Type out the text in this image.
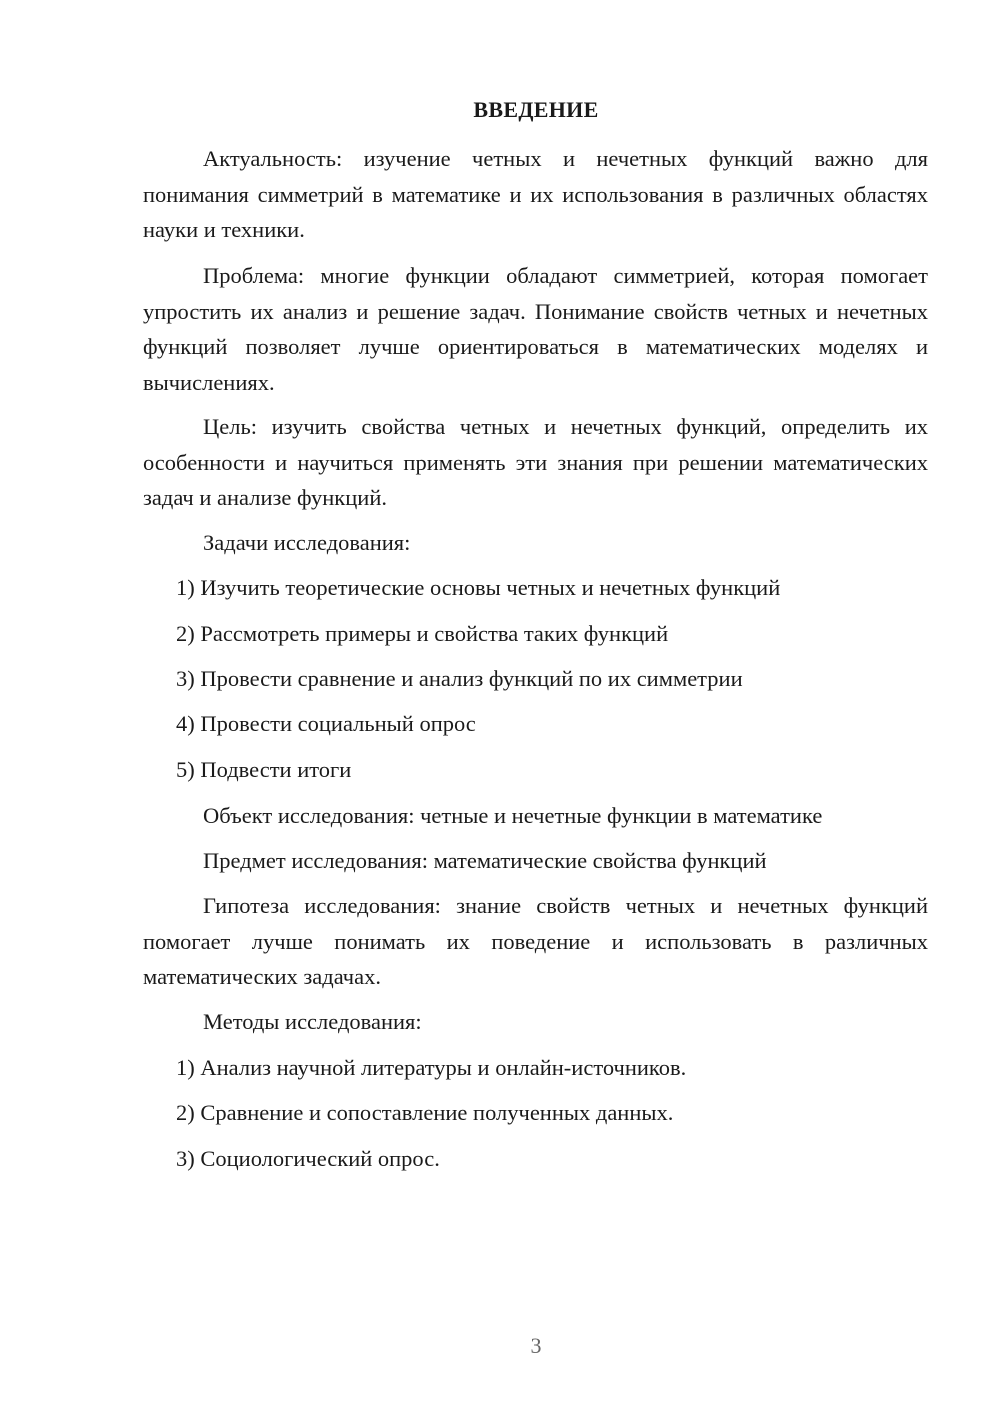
ВВЕДЕНИЕ

Актуальность: изучение четных и нечетных функций важно для понимания симметрий в математике и их использования в различных областях науки и техники.

Проблема: многие функции обладают симметрией, которая помогает упростить их анализ и решение задач. Понимание свойств четных и нечетных функций позволяет лучше ориентироваться в математических моделях и вычислениях.

Цель: изучить свойства четных и нечетных функций, определить их особенности и научиться применять эти знания при решении математических задач и анализе функций.

Задачи исследования:

1) Изучить теоретические основы четных и нечетных функций
2) Рассмотреть примеры и свойства таких функций
3) Провести сравнение и анализ функций по их симметрии
4) Провести социальный опрос
5) Подвести итоги

Объект исследования: четные и нечетные функции в математике

Предмет исследования: математические свойства функций

Гипотеза исследования: знание свойств четных и нечетных функций помогает лучше понимать их поведение и использовать в различных математических задачах.

Методы исследования:

1) Анализ научной литературы и онлайн-источников.
2) Сравнение и сопоставление полученных данных.
3) Социологический опрос.
3
